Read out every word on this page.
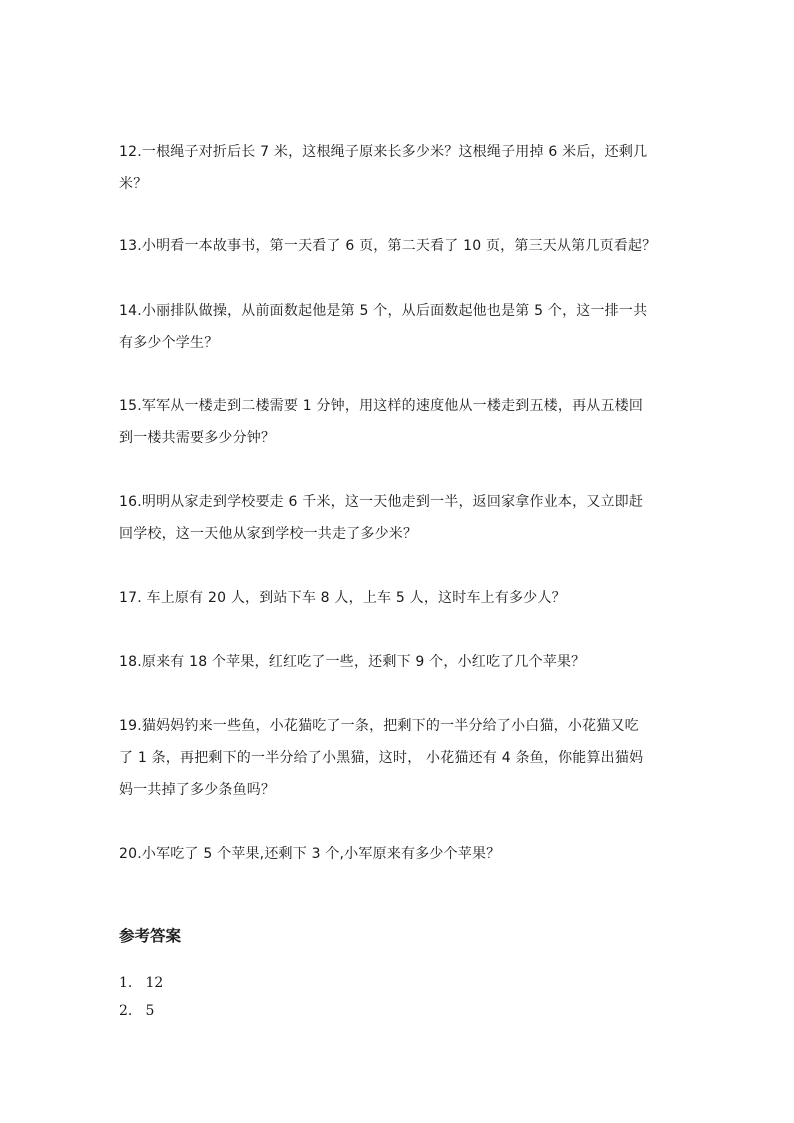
12.一根绳子对折后长 7 米，这根绳子原来长多少米？这根绳子用掉 6 米后，还剩几
米？

13.小明看一本故事书，第一天看了 6 页，第二天看了 10 页，第三天从第几页看起？

14.小丽排队做操，从前面数起他是第 5 个，从后面数起他也是第 5 个，这一排一共
有多少个学生？

15.军军从一楼走到二楼需要 1 分钟，用这样的速度他从一楼走到五楼，再从五楼回
到一楼共需要多少分钟？

16.明明从家走到学校要走 6 千米，这一天他走到一半，返回家拿作业本，又立即赶
回学校，这一天他从家到学校一共走了多少米？

17. 车上原有 20 人，到站下车 8 人，上车 5 人，这时车上有多少人？

18.原来有 18 个苹果，红红吃了一些，还剩下 9 个，小红吃了几个苹果？

19.猫妈妈钓来一些鱼，小花猫吃了一条，把剩下的一半分给了小白猫，小花猫又吃
了 1 条，再把剩下的一半分给了小黑猫，这时， 小花猫还有 4 条鱼，你能算出猫妈
妈一共掉了多少条鱼吗？

20.小军吃了 5 个苹果,还剩下 3 个,小军原来有多少个苹果？

参考答案

1. 12

2. 5
